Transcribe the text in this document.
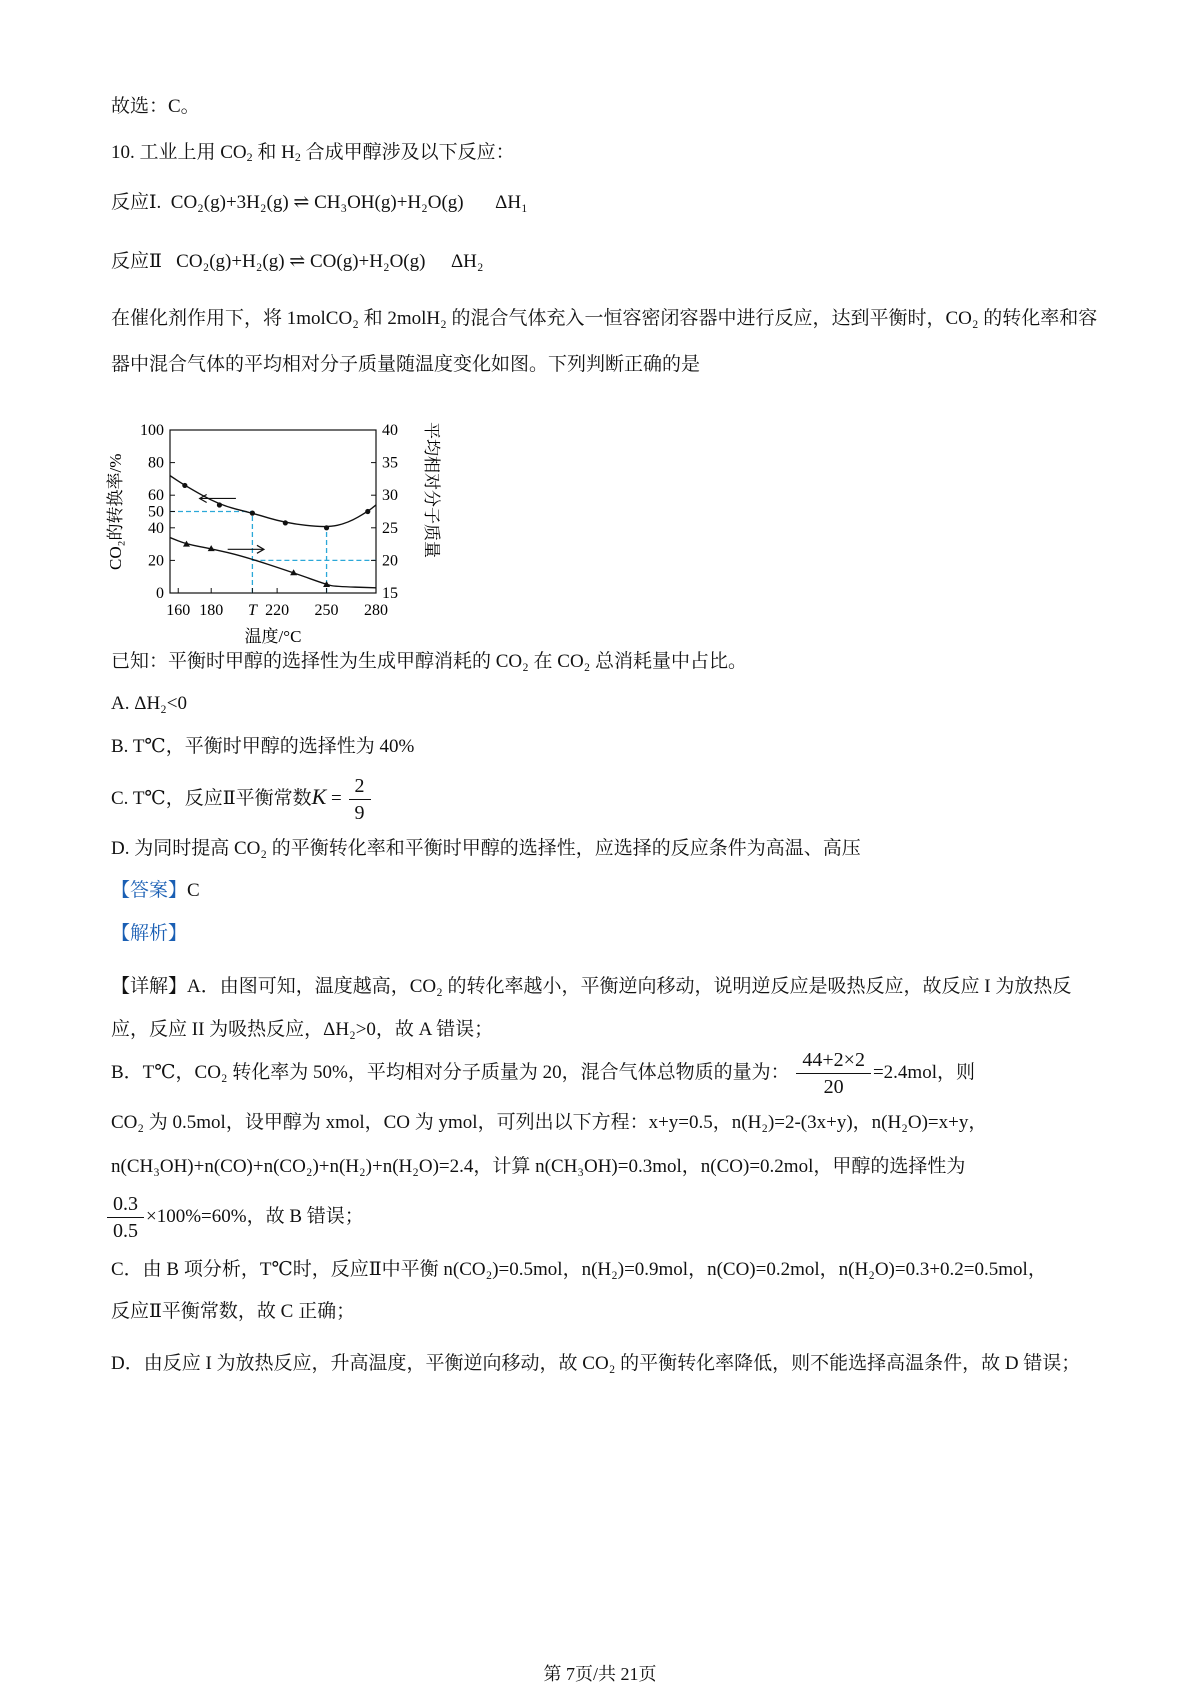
故选：C。
10. 工业上用 $CO_2$ 和 $H_2$ 合成甲醇涉及以下反应：
反应Ⅰ. CO₂(g)+3H₂(g) ⇌ CH₃OH(g)+H₂O(g) ΔH₁
反应Ⅱ CO₂(g)+H₂(g) ⇌ CO(g)+H₂O(g) ΔH₂
在催化剂作用下，将 1molCO₂ 和 2molH₂ 的混合气体充入一恒容密闭容器中进行反应，达到平衡时，CO₂ 的转化率和容器中混合气体的平均相对分子质量随温度变化如图。下列判断正确的是
0
20
40
50
60
80
100
15
20
25
30
35
40
160 180 T 220 250 280
CO₂的转换率/%	平均相对分子质量
温度/°C
已知：平衡时甲醇的选择性为生成甲醇消耗的 CO₂ 在 CO₂ 总消耗量中占比。
A. ΔH₂<0
B. T℃，平衡时甲醇的选择性为 40%
C. T℃，反应Ⅱ平衡常数$K = \frac{2}{9}$
D. 为同时提高 CO₂ 的平衡转化率和平衡时甲醇的选择性，应选择的反应条件为高温、高压
【答案】C
【解析】
【详解】A．由图可知，温度越高，CO₂ 的转化率越小，平衡逆向移动，说明逆反应是吸热反应，故反应 I 为放热反应，反应 II 为吸热反应，ΔH₂>0，故 A 错误；
B．T℃，CO₂ 转化率为 50%，平均相对分子质量为 20，混合气体总物质的量为： $\frac{44+2\times 2}{20} =2.4mol$，则
CO₂ 为 0.5mol，设甲醇为 xmol，CO 为 ymol，可列出以下方程：x+y=0.5，n(H₂)=2-(3x+y)，n(H₂O)=x+y，
n(CH₃OH)+n(CO)+n(CO₂)+n(H₂)+n(H₂O)=2.4，计算 n(CH₃OH)=0.3mol，n(CO)=0.2mol，甲醇的选择性为
$\frac{0.3}{0.5} \times 100\%=60\%$，故 B 错误；
C．由 B 项分析，T℃时，反应Ⅱ中平衡 n(CO₂)=0.5mol，n(H₂)=0.9mol，n(CO)=0.2mol，n(H₂O)=0.3+0.2=0.5mol，
反应Ⅱ平衡常数，故 C 正确；
D．由反应 I 为放热反应，升高温度，平衡逆向移动，故 CO₂ 的平衡转化率降低，则不能选择高温条件，故 D 错误；
第 7页/共 21页
